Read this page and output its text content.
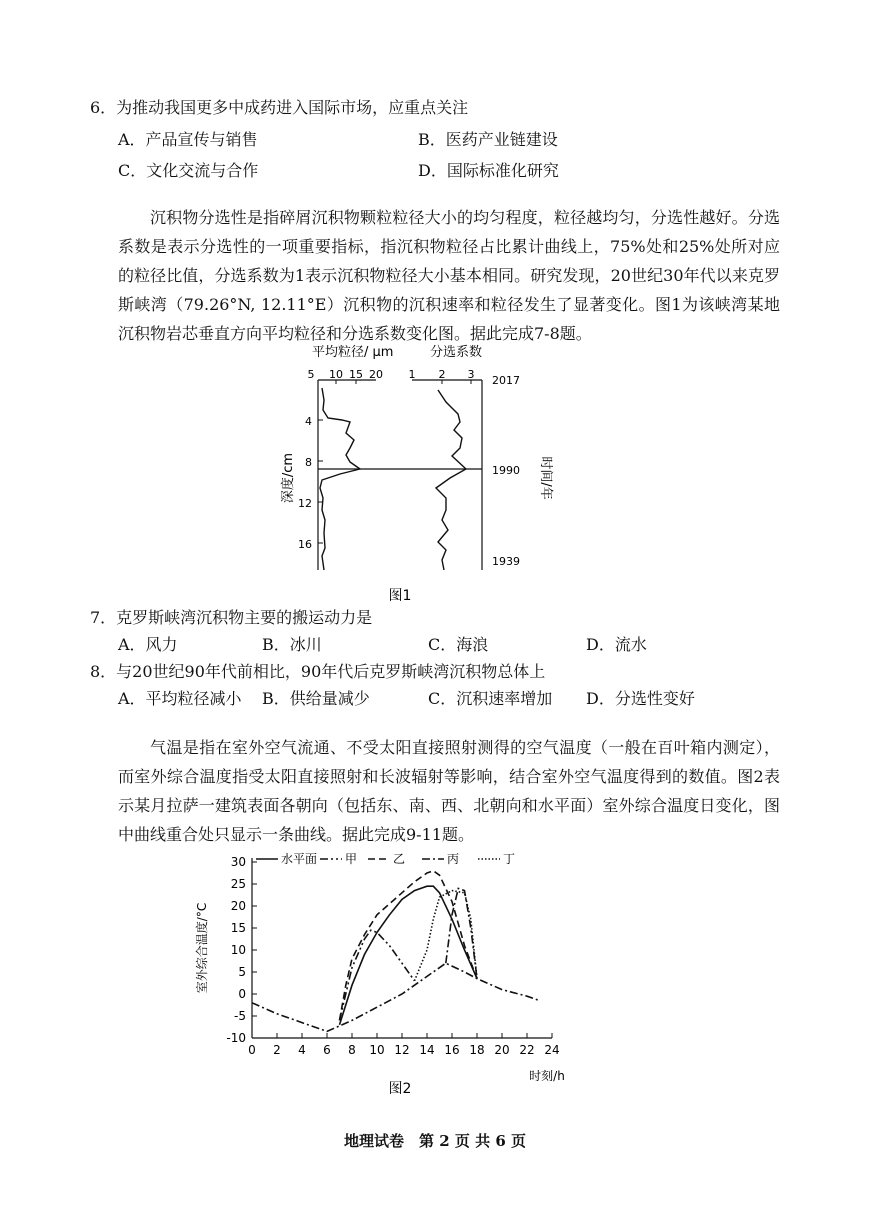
6．为推动我国更多中成药进入国际市场，应重点关注
A．产品宣传与销售	B．医药产业链建设
C．文化交流与合作	D．国际标准化研究
沉积物分选性是指碎屑沉积物颗粒粒径大小的均匀程度，粒径越均匀，分选性越好。分选系数是表示分选性的一项重要指标，指沉积物粒径占比累计曲线上，75%处和25%处所对应的粒径比值，分选系数为1表示沉积物粒径大小基本相同。研究发现，20世纪30年代以来克罗斯峡湾（79.26°N, 12.11°E）沉积物的沉积速率和粒径发生了显著变化。图1为该峡湾某地沉积物岩芯垂直方向平均粒径和分选系数变化图。据此完成7-8题。
平均粒径/ μm	分选系数
5 10 15 20 1 2 3
4
8
12
16
深度/cm
2017
1990
1939
时间/年
图1
7．克罗斯峡湾沉积物主要的搬运动力是
A．风力	B．冰川	C．海浪	D．流水
8．与20世纪90年代前相比，90年代后克罗斯峡湾沉积物总体上
A．平均粒径减小 B．供给量减少	C．沉积速率增加 D．分选性变好
气温是指在室外空气流通、不受太阳直接照射测得的空气温度（一般在百叶箱内测定），而室外综合温度指受太阳直接照射和长波辐射等影响，结合室外空气温度得到的数值。图2表示某月拉萨一建筑表面各朝向（包括东、南、西、北朝向和水平面）室外综合温度日变化，图中曲线重合处只显示一条曲线。据此完成9-11题。
-10
-5
0
5
10
15
20
25
30
0 2 4 6 8 10 12 14 16 18 20 22 24
水平面 甲	乙	丙	丁
室外综合温度/°C
时刻/h
图2
地理试卷　第 2 页 共 6 页
